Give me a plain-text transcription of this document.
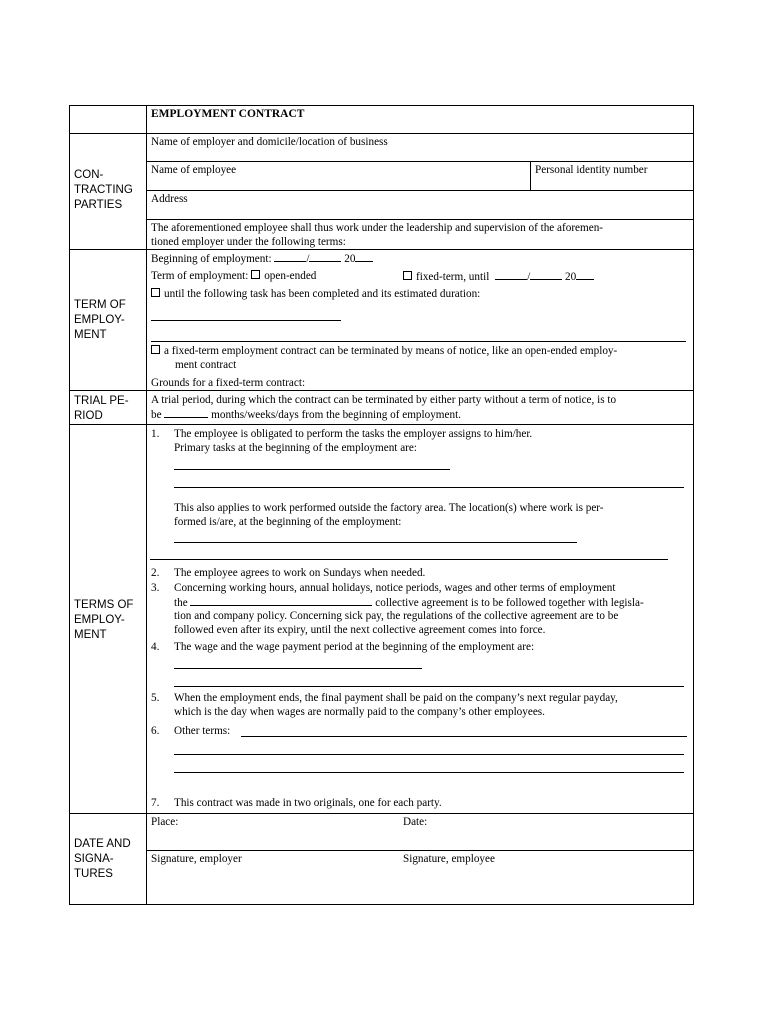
EMPLOYMENT CONTRACT
CON-
TRACTING
PARTIES
Name of employer and domicile/location of business
Name of employee	Personal identity number
Address
The aforementioned employee shall thus work under the leadership and supervision of the aforemen-
tioned employer under the following terms:
TERM OF
EMPLOY-
MENT
Beginning of employment:	/	20
Term of employment: open-ended	fixed-term, until	/	20
until the following task has been completed and its estimated duration:
a fixed-term employment contract can be terminated by means of notice, like an open-ended employ-
ment contract
Grounds for a fixed-term contract:
TRIAL PE-
RIOD
A trial period, during which the contract can be terminated by either party without a term of notice, is to
be	months/weeks/days from the beginning of employment.
TERMS OF
EMPLOY-
MENT
1. The employee is obligated to perform the tasks the employer assigns to him/her.
Primary tasks at the beginning of the employment are:
This also applies to work performed outside the factory area. The location(s) where work is per-
formed is/are, at the beginning of the employment:
2. The employee agrees to work on Sundays when needed.
3. Concerning working hours, annual holidays, notice periods, wages and other terms of employment
the	collective agreement is to be followed together with legisla-
tion and company policy. Concerning sick pay, the regulations of the collective agreement are to be
followed even after its expiry, until the next collective agreement comes into force.
4. The wage and the wage payment period at the beginning of the employment are:
5. When the employment ends, the final payment shall be paid on the company’s next regular payday,
which is the day when wages are normally paid to the company’s other employees.
6. Other terms:
7. This contract was made in two originals, one for each party.
DATE AND
SIGNA-
TURES
Place:	Date:
Signature, employer	Signature, employee
